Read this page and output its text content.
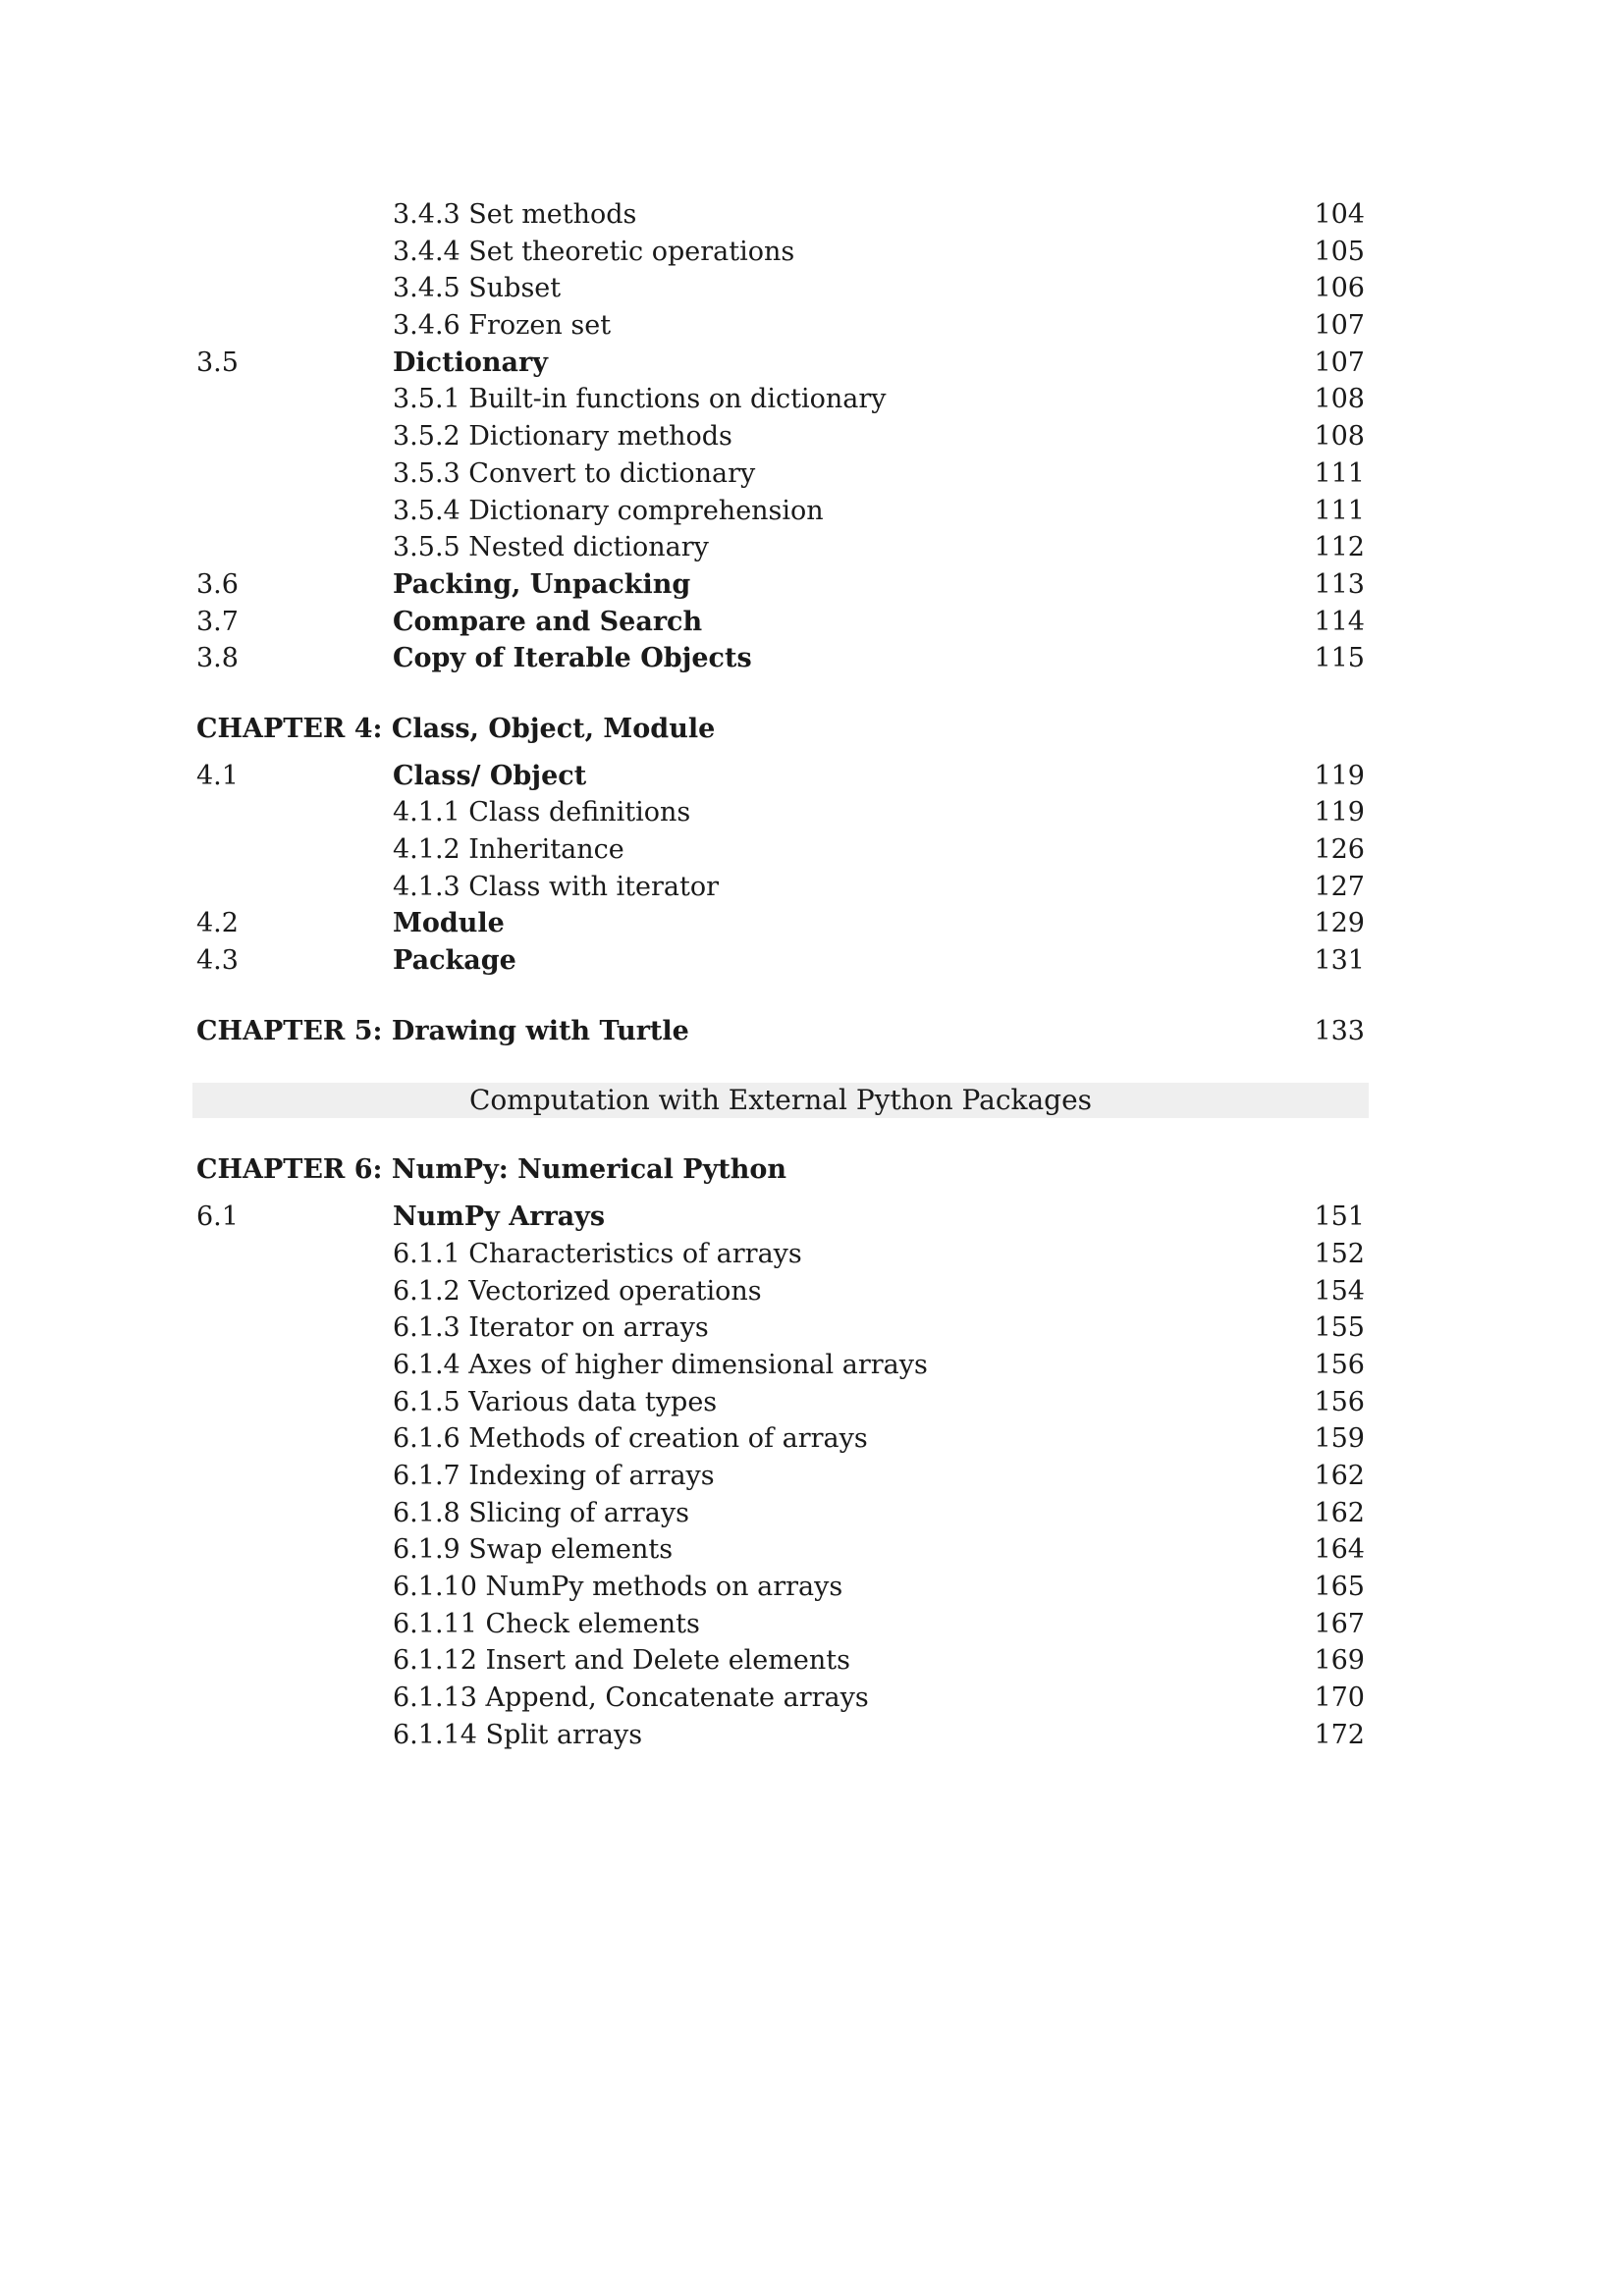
3.4.3 Set methods	104
3.4.4 Set theoretic operations	105
3.4.5 Subset	106
3.4.6 Frozen set	107
3.5	Dictionary	107
3.5.1 Built-in functions on dictionary	108
3.5.2 Dictionary methods	108
3.5.3 Convert to dictionary	111
3.5.4 Dictionary comprehension	111
3.5.5 Nested dictionary	112
3.6	Packing, Unpacking	113
3.7	Compare and Search	114
3.8	Copy of Iterable Objects	115
CHAPTER 4: Class, Object, Module
4.1	Class/ Object	119
4.1.1 Class definitions	119
4.1.2 Inheritance	126
4.1.3 Class with iterator	127
4.2	Module	129
4.3	Package	131
CHAPTER 5: Drawing with Turtle	133
Computation with External Python Packages
CHAPTER 6: NumPy: Numerical Python
6.1	NumPy Arrays	151
6.1.1 Characteristics of arrays	152
6.1.2 Vectorized operations	154
6.1.3 Iterator on arrays	155
6.1.4 Axes of higher dimensional arrays	156
6.1.5 Various data types	156
6.1.6 Methods of creation of arrays	159
6.1.7 Indexing of arrays	162
6.1.8 Slicing of arrays	162
6.1.9 Swap elements	164
6.1.10 NumPy methods on arrays	165
6.1.11 Check elements	167
6.1.12 Insert and Delete elements	169
6.1.13 Append, Concatenate arrays	170
6.1.14 Split arrays	172
